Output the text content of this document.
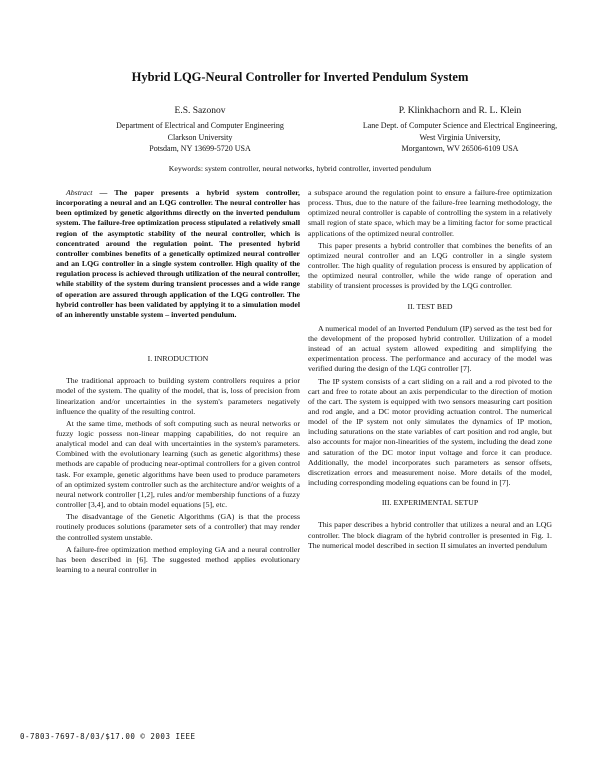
Hybrid LQG-Neural Controller for Inverted Pendulum System
E.S. Sazonov
Department of Electrical and Computer Engineering
Clarkson University
Potsdam, NY 13699-5720 USA
P. Klinkhachorn and R. L. Klein
Lane Dept. of Computer Science and Electrical Engineering,
West Virginia University,
Morgantown, WV 26506-6109 USA
Keywords: system controller, neural networks, hybrid controller, inverted pendulum

Abstract — The paper presents a hybrid system controller, incorporating a neural and an LQG controller. The neural controller has been optimized by genetic algorithms directly on the inverted pendulum system. The failure-free optimization process stipulated a relatively small region of the asymptotic stability of the neural controller, which is concentrated around the regulation point. The presented hybrid controller combines benefits of a genetically optimized neural controller and an LQG controller in a single system controller. High quality of the regulation process is achieved through utilization of the neural controller, while stability of the system during transient processes and a wide range of operation are assured through application of the LQG controller. The hybrid controller has been validated by applying it to a simulation model of an inherently unstable system – inverted pendulum.

I. INRODUCTION

The traditional approach to building system controllers requires a prior model of the system. The quality of the model, that is, loss of precision from linearization and/or uncertainties in the system's parameters negatively influence the quality of the resulting control.

At the same time, methods of soft computing such as neural networks or fuzzy logic possess non-linear mapping capabilities, do not require an analytical model and can deal with uncertainties in the system's parameters. Combined with the evolutionary learning (such as genetic algorithms) these methods are capable of producing near-optimal controllers for a given control task. For example, genetic algorithms have been used to produce parameters of an optimized system controller such as the architecture and/or weights of a neural network controller [1,2], rules and/or membership functions of a fuzzy controller [3,4], and to obtain model equations [5], etc.

The disadvantage of the Genetic Algorithms (GA) is that the process routinely produces solutions (parameter sets of a controller) that may render the controlled system unstable.

A failure-free optimization method employing GA and a neural controller has been described in [6]. The suggested method applies evolutionary learning to a neural controller in

a subspace around the regulation point to ensure a failure-free optimization process. Thus, due to the nature of the failure-free learning methodology, the optimized neural controller is capable of controlling the system in a relatively small region of state space, which may be a limiting factor for some practical applications of the optimized neural controller.

This paper presents a hybrid controller that combines the benefits of an optimized neural controller and an LQG controller in a single system controller. The high quality of regulation process is ensured by application of the optimized neural controller, while the wide range of operation and stability of transient processes is provided by the LQG controller.

II. TEST BED

A numerical model of an Inverted Pendulum (IP) served as the test bed for the development of the proposed hybrid controller. Utilization of a model instead of an actual system allowed expediting and simplifying the experimentation process. The performance and accuracy of the model was verified during the design of the LQG controller [7].

The IP system consists of a cart sliding on a rail and a rod pivoted to the cart and free to rotate about an axis perpendicular to the direction of motion of the cart. The system is equipped with two sensors measuring cart position and rod angle, and a DC motor providing actuation control. The numerical model of the IP system not only simulates the dynamics of IP motion, including saturations on the state variables of cart position and rod angle, but also accounts for major non-linearities of the system, including the dead zone and saturation of the DC motor input voltage and force it can produce. Additionally, the model incorporates such parameters as sensor offsets, discretization errors and measurement noise. More details of the model, including corresponding modeling equations can be found in [7].

III. EXPERIMENTAL SETUP

This paper describes a hybrid controller that utilizes a neural and an LQG controller. The block diagram of the hybrid controller is presented in Fig. 1. The numerical model described in section II simulates an inverted pendulum

0-7803-7697-8/03/$17.00 © 2003 IEEE
